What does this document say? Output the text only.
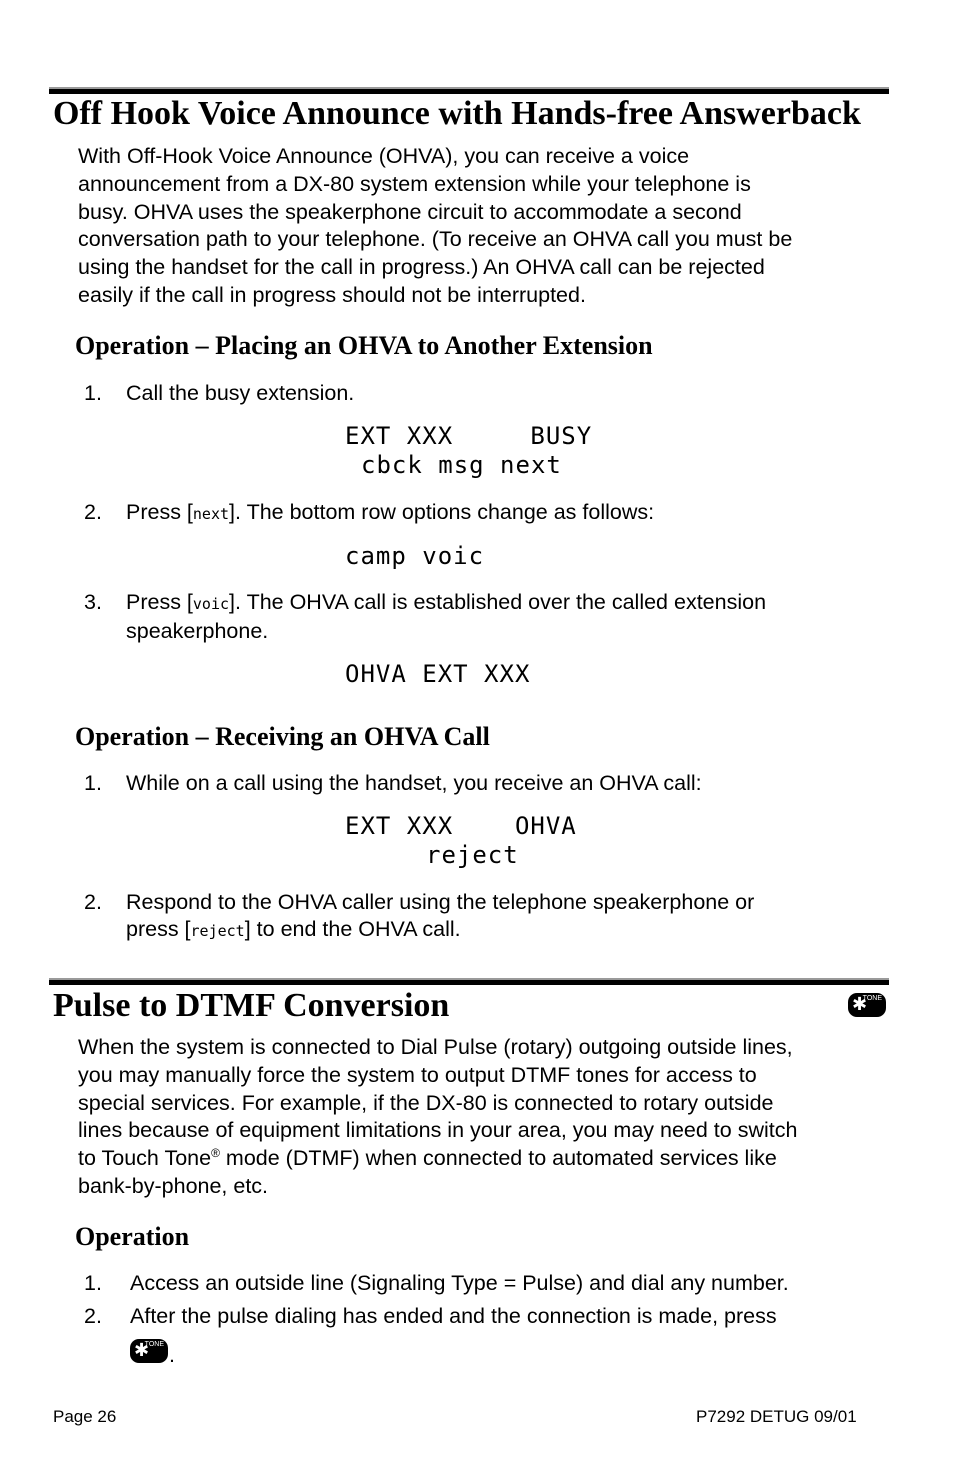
Off Hook Voice Announce with Hands-free Answerback
With Off-Hook Voice Announce (OHVA), you can receive a voice
announcement from a DX-80 system extension while your telephone is
busy. OHVA uses the speakerphone circuit to accommodate a second
conversation path to your telephone. (To receive an OHVA call you must be
using the handset for the call in progress.) An OHVA call can be rejected
easily if the call in progress should not be interrupted.
Operation – Placing an OHVA to Another Extension
1. Call the busy extension.
EXT XXX     BUSY
cbck msg next
2. Press [next]. The bottom row options change as follows:
camp voic
3. Press [voic]. The OHVA call is established over the called extension
speakerphone.
OHVA EXT XXX
Operation – Receiving an OHVA Call
1. While on a call using the handset, you receive an OHVA call:
EXT XXX    OHVA
reject
2. Respond to the OHVA caller using the telephone speakerphone or
press [reject] to end the OHVA call.
Pulse to DTMF Conversion	✱
TONE
When the system is connected to Dial Pulse (rotary) outgoing outside lines,
you may manually force the system to output DTMF tones for access to
special services. For example, if the DX-80 is connected to rotary outside
lines because of equipment limitations in your area, you may need to switch
to Touch Tone® mode (DTMF) when connected to automated services like
bank-by-phone, etc.
Operation
1. Access an outside line (Signaling Type = Pulse) and dial any number.
2. After the pulse dialing has ended and the connection is made, press
✱
TONE .
Page 26	P7292 DETUG 09/01
